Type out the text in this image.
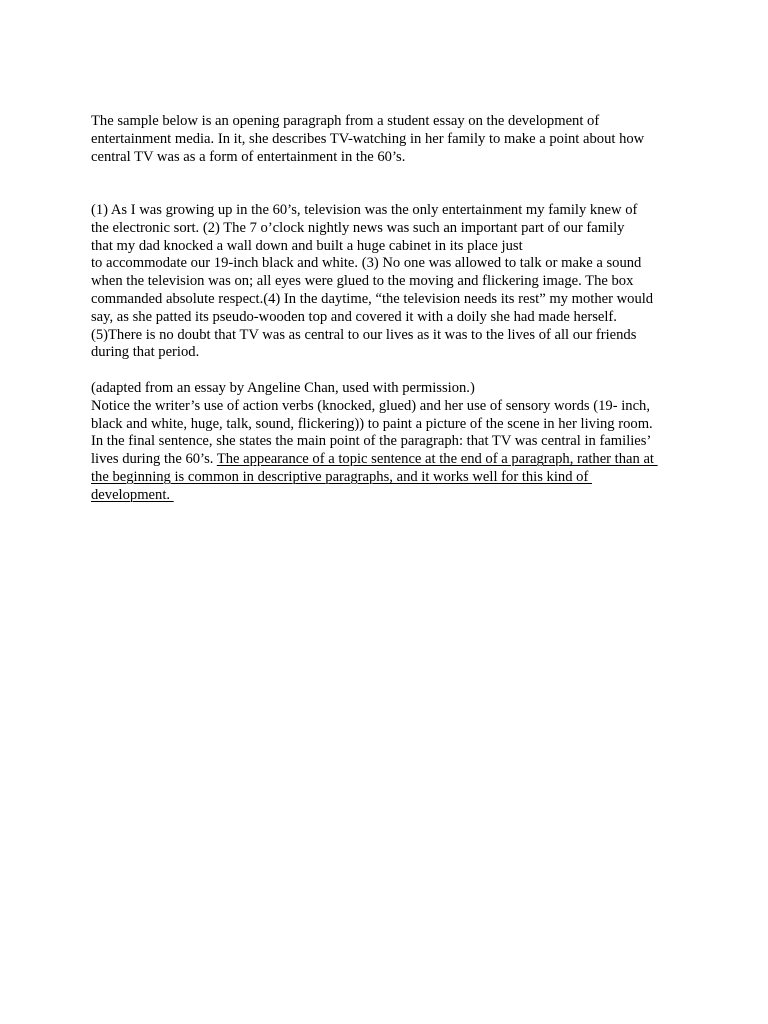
The sample below is an opening paragraph from a student essay on the development of
entertainment media. In it, she describes TV-watching in her family to make a point about how
central TV was as a form of entertainment in the 60’s.
(1) As I was growing up in the 60’s, television was the only entertainment my family knew of
the electronic sort. (2) The 7 o’clock nightly news was such an important part of our family
that my dad knocked a wall down and built a huge cabinet in its place just
to accommodate our 19-inch black and white. (3) No one was allowed to talk or make a sound
when the television was on; all eyes were glued to the moving and flickering image. The box
commanded absolute respect.(4) In the daytime, “the television needs its rest” my mother would
say, as she patted its pseudo-wooden top and covered it with a doily she had made herself.
(5)There is no doubt that TV was as central to our lives as it was to the lives of all our friends
during that period.
(adapted from an essay by Angeline Chan, used with permission.)
Notice the writer’s use of action verbs (knocked, glued) and her use of sensory words (19- inch,
black and white, huge, talk, sound, flickering)) to paint a picture of the scene in her living room.
In the final sentence, she states the main point of the paragraph: that TV was central in families’
lives during the 60’s. The appearance of a topic sentence at the end of a paragraph, rather than at
the beginning is common in descriptive paragraphs, and it works well for this kind of
development.
